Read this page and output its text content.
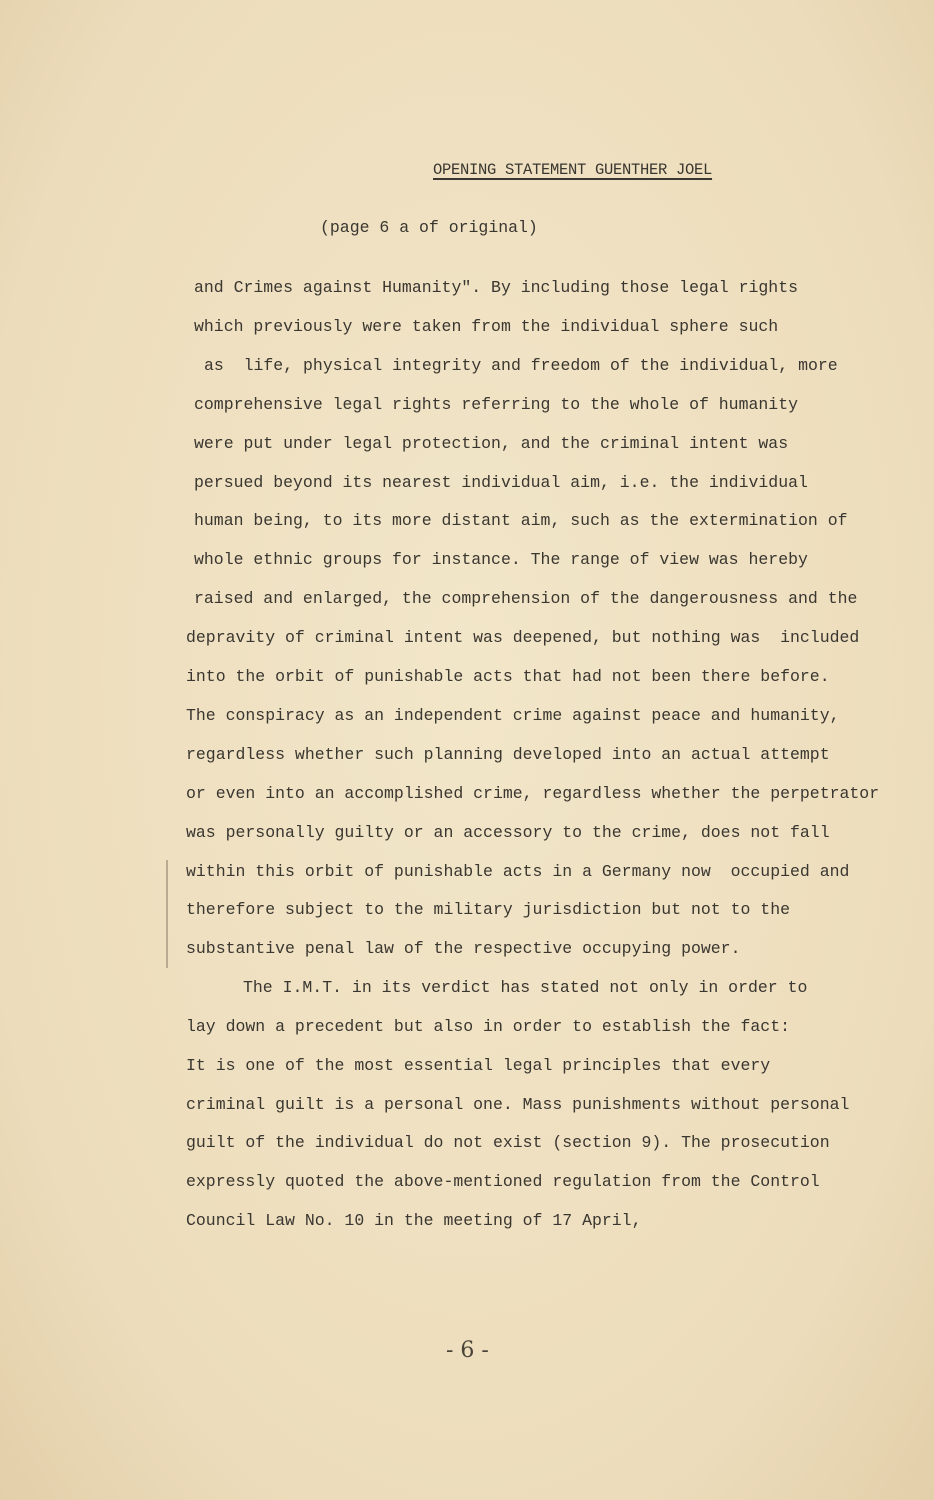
OPENING STATEMENT GUENTHER JOEL
(page 6 a of original)
and Crimes against Humanity". By including those legal rights
which previously were taken from the individual sphere such
as  life, physical integrity and freedom of the individual, more
comprehensive legal rights referring to the whole of humanity
were put under legal protection, and the criminal intent was
persued beyond its nearest individual aim, i.e. the individual
human being, to its more distant aim, such as the extermination of
whole ethnic groups for instance. The range of view was hereby
raised and enlarged, the comprehension of the dangerousness and the
depravity of criminal intent was deepened, but nothing was  included
into the orbit of punishable acts that had not been there before.
The conspiracy as an independent crime against peace and humanity,
regardless whether such planning developed into an actual attempt
or even into an accomplished crime, regardless whether the perpetrator
was personally guilty or an accessory to the crime, does not fall
within this orbit of punishable acts in a Germany now  occupied and
therefore subject to the military jurisdiction but not to the
substantive penal law of the respective occupying power.
The I.M.T. in its verdict has stated not only in order to
lay down a precedent but also in order to establish the fact:
It is one of the most essential legal principles that every
criminal guilt is a personal one. Mass punishments without personal
guilt of the individual do not exist (section 9). The prosecution
expressly quoted the above-mentioned regulation from the Control
Council Law No. 10 in the meeting of 17 April,
- 6 -
